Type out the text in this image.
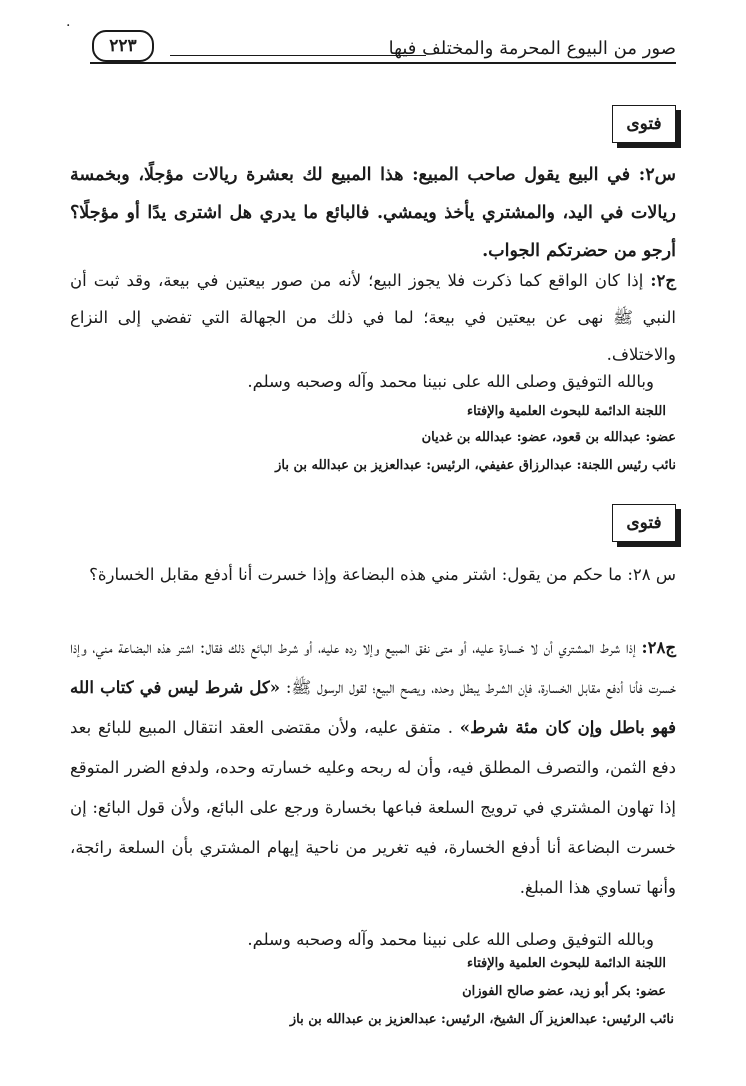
صور من البيوع المحرمة والمختلف فيها
٢٢٣
.
فتوى
س٢: في البيع يقول صاحب المبيع: هذا المبيع لك بعشرة ريالات مؤجلًا، وبخمسة ريالات في اليد، والمشتري يأخذ ويمشي. فالبائع ما يدري هل اشترى يدًا أو مؤجلًا؟ أرجو من حضرتكم الجواب.
ج٢: إذا كان الواقع كما ذكرت فلا يجوز البيع؛ لأنه من صور بيعتين في بيعة، وقد ثبت أن النبي ﷺ نهى عن بيعتين في بيعة؛ لما في ذلك من الجهالة التي تفضي إلى النزاع والاختلاف.
وبالله التوفيق وصلى الله على نبينا محمد وآله وصحبه وسلم.
اللجنة الدائمة للبحوث العلمية والإفتاء
عضو: عبدالله بن قعود، عضو: عبدالله بن غديان
نائب رئيس اللجنة: عبدالرزاق عفيفي، الرئيس: عبدالعزيز بن عبدالله بن باز
فتوى
س ٢٨: ما حكم من يقول: اشتر مني هذه البضاعة وإذا خسرت أنا أدفع مقابل الخسارة؟
ج٢٨: إذا شرط المشتري أن لا خسارة عليه، أو متى نفق المبيع وإلا رده عليه، أو شرط البائع ذلك فقال: اشتر هذه البضاعة مني، وإذا خسرت فأنا أدفع مقابل الخسارة، فإن الشرط يبطل وحده، ويصح البيع؛ لقول الرسول ﷺ: «كل شرط ليس في كتاب الله فهو باطل وإن كان مئة شرط» . متفق عليه، ولأن مقتضى العقد انتقال المبيع للبائع بعد دفع الثمن، والتصرف المطلق فيه، وأن له ربحه وعليه خسارته وحده، ولدفع الضرر المتوقع إذا تهاون المشتري في ترويج السلعة فباعها بخسارة ورجع على البائع، ولأن قول البائع: إن خسرت البضاعة أنا أدفع الخسارة، فيه تغرير من ناحية إيهام المشتري بأن السلعة رائجة، وأنها تساوي هذا المبلغ.
وبالله التوفيق وصلى الله على نبينا محمد وآله وصحبه وسلم.
اللجنة الدائمة للبحوث العلمية والإفتاء
عضو: بكر أبو زيد، عضو صالح الفوزان
نائب الرئيس: عبدالعزيز آل الشيخ، الرئيس: عبدالعزيز بن عبدالله بن باز
